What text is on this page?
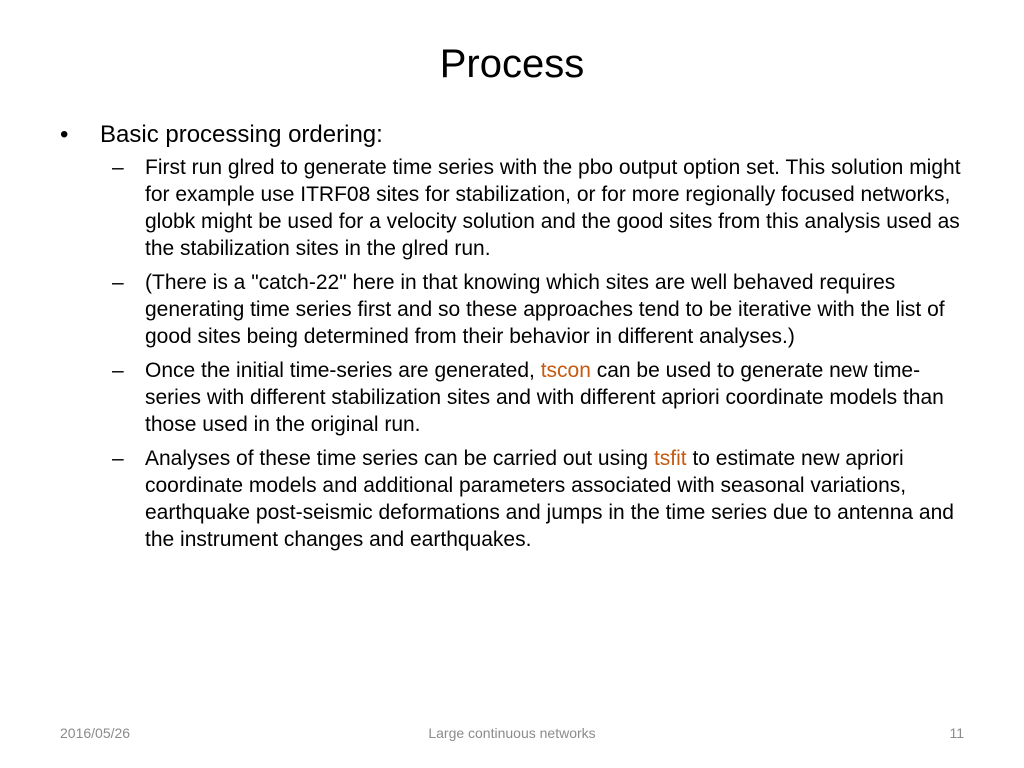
Process
• Basic processing ordering:
– First run glred to generate time series with the pbo output option set. This solution might for example use ITRF08 sites for stabilization, or for more regionally focused networks, globk might be used for a velocity solution and the good sites from this analysis used as the stabilization sites in the glred run.
– (There is a "catch-22" here in that knowing which sites are well behaved requires generating time series first and so these approaches tend to be iterative with the list of good sites being determined from their behavior in different analyses.)
– Once the initial time-series are generated, tscon can be used to generate new time-series with different stabilization sites and with different apriori coordinate models than those used in the original run.
– Analyses of these time series can be carried out using tsfit to estimate new apriori coordinate models and additional parameters associated with seasonal variations, earthquake post-seismic deformations and jumps in the time series due to antenna and the instrument changes and earthquakes.
2016/05/26	Large continuous networks	11
